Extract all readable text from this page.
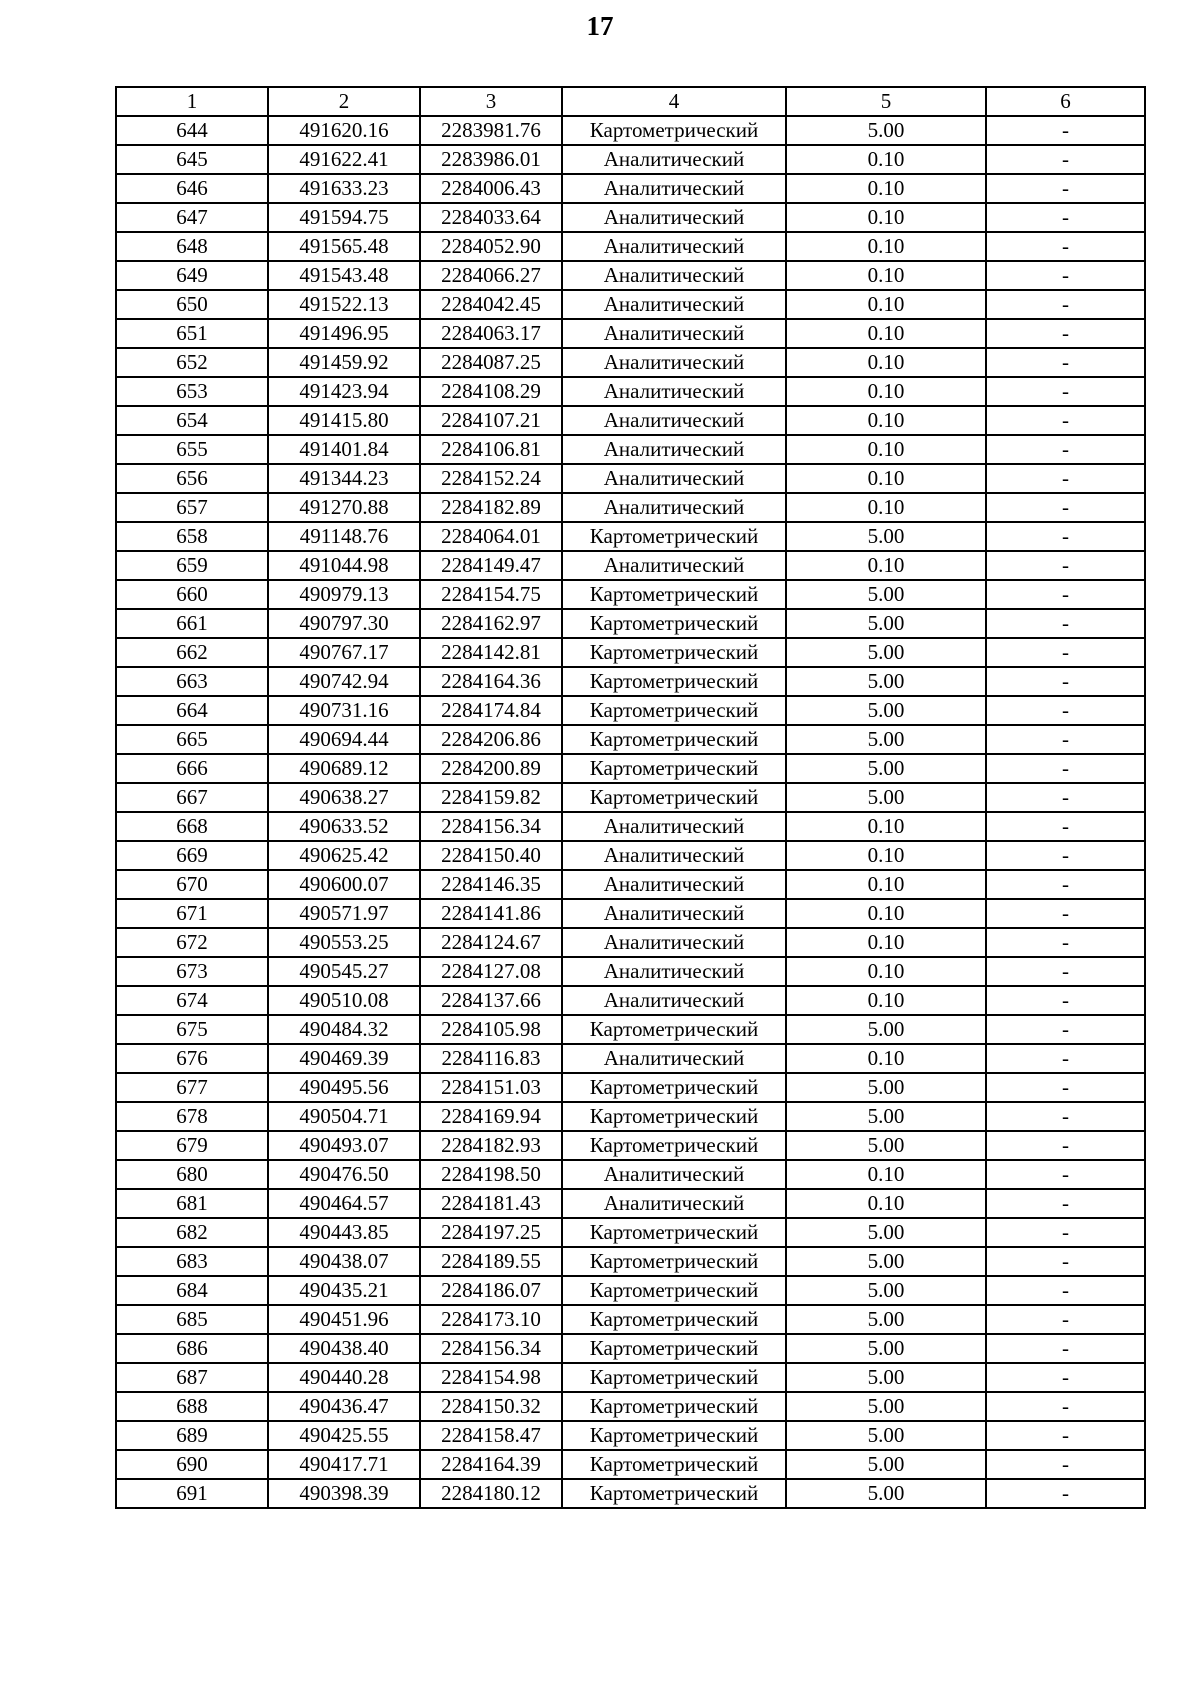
17
1	2	3	4	5	6
644	491620.16	2283981.76	Картометрический	5.00	-
645	491622.41	2283986.01	Аналитический	0.10	-
646	491633.23	2284006.43	Аналитический	0.10	-
647	491594.75	2284033.64	Аналитический	0.10	-
648	491565.48	2284052.90	Аналитический	0.10	-
649	491543.48	2284066.27	Аналитический	0.10	-
650	491522.13	2284042.45	Аналитический	0.10	-
651	491496.95	2284063.17	Аналитический	0.10	-
652	491459.92	2284087.25	Аналитический	0.10	-
653	491423.94	2284108.29	Аналитический	0.10	-
654	491415.80	2284107.21	Аналитический	0.10	-
655	491401.84	2284106.81	Аналитический	0.10	-
656	491344.23	2284152.24	Аналитический	0.10	-
657	491270.88	2284182.89	Аналитический	0.10	-
658	491148.76	2284064.01	Картометрический	5.00	-
659	491044.98	2284149.47	Аналитический	0.10	-
660	490979.13	2284154.75	Картометрический	5.00	-
661	490797.30	2284162.97	Картометрический	5.00	-
662	490767.17	2284142.81	Картометрический	5.00	-
663	490742.94	2284164.36	Картометрический	5.00	-
664	490731.16	2284174.84	Картометрический	5.00	-
665	490694.44	2284206.86	Картометрический	5.00	-
666	490689.12	2284200.89	Картометрический	5.00	-
667	490638.27	2284159.82	Картометрический	5.00	-
668	490633.52	2284156.34	Аналитический	0.10	-
669	490625.42	2284150.40	Аналитический	0.10	-
670	490600.07	2284146.35	Аналитический	0.10	-
671	490571.97	2284141.86	Аналитический	0.10	-
672	490553.25	2284124.67	Аналитический	0.10	-
673	490545.27	2284127.08	Аналитический	0.10	-
674	490510.08	2284137.66	Аналитический	0.10	-
675	490484.32	2284105.98	Картометрический	5.00	-
676	490469.39	2284116.83	Аналитический	0.10	-
677	490495.56	2284151.03	Картометрический	5.00	-
678	490504.71	2284169.94	Картометрический	5.00	-
679	490493.07	2284182.93	Картометрический	5.00	-
680	490476.50	2284198.50	Аналитический	0.10	-
681	490464.57	2284181.43	Аналитический	0.10	-
682	490443.85	2284197.25	Картометрический	5.00	-
683	490438.07	2284189.55	Картометрический	5.00	-
684	490435.21	2284186.07	Картометрический	5.00	-
685	490451.96	2284173.10	Картометрический	5.00	-
686	490438.40	2284156.34	Картометрический	5.00	-
687	490440.28	2284154.98	Картометрический	5.00	-
688	490436.47	2284150.32	Картометрический	5.00	-
689	490425.55	2284158.47	Картометрический	5.00	-
690	490417.71	2284164.39	Картометрический	5.00	-
691	490398.39	2284180.12	Картометрический	5.00	-
